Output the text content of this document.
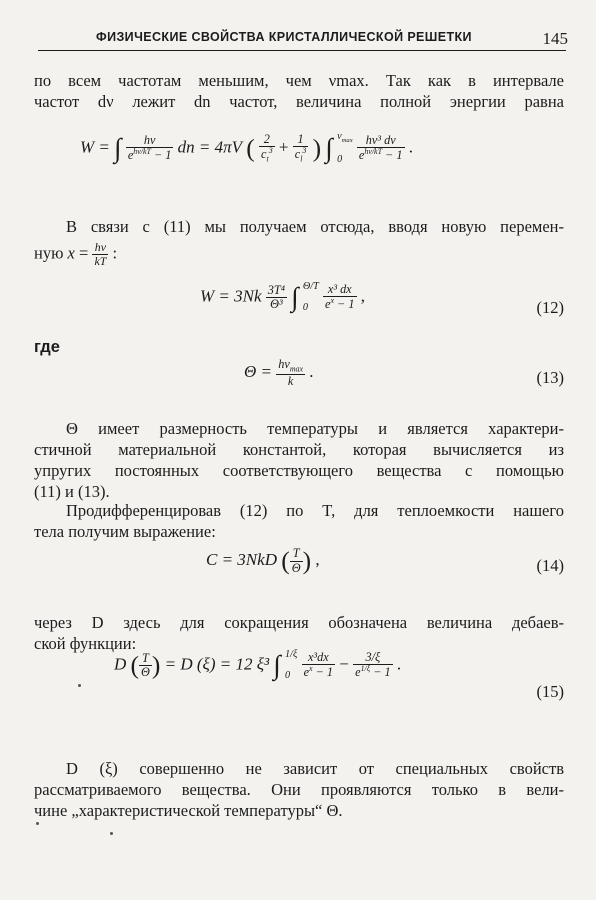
ФИЗИЧЕСКИЕ СВОЙСТВА КРИСТАЛЛИЧЕСКОЙ РЕШЕТКИ	145
по всем частотам меньшим, чем νmax. Так как в интервале
частот dν лежит dn частот, величина полной энергии равна
W = ∫ $\frac{h\nu}{e^{h\nu/kT} - 1}$ dn = 4πV ( $\frac{2}{c_t^3} + \frac{1}{c_l^3}$ ) ∫ $\nu_{max}$

$0 \frac{\text{hν³ dν}}{e^{h\nu/kT} - 1}$ .
В связи с (11) мы получаем отсюда, вводя новую перемен-
ную $x = \frac{h\nu}{kT}$ :
$W = 3Nk \frac{\text{3T⁴}}{\text{Θ³}}$ ∫ Θ/T

$0 \frac{\text{x³ dx}}{e^x - 1}$ ,
(12)
где
$\Theta = \frac{h\nu_{max}}{k}$ .	(13)
Θ имеет размерность температуры и является характери-
стичной материальной константой, которая вычисляется из
упругих постоянных соответствующего вещества с помощью
(11) и (13).
Продифференцировав (12) по T, для теплоемкости нашего
тела получим выражение:
C = 3NkD ( $\frac{T}{\Theta}$ ) ,	(14)
через D здесь для сокращения обозначена величина дебаев-
ской функции:
D ( $\frac{T}{\Theta}$ ) = D (ξ) = 12 ξ³ ∫ 1/ξ

$0 \frac{\text{x³dx}}{e^x - 1} - \frac{3/\xi}{e^{1/\xi} - 1}$ .
(15)
D (ξ) совершенно не зависит от специальных свойств
рассматриваемого вещества. Они проявляются только в вели-
чине „характеристической температуры“ Θ.
